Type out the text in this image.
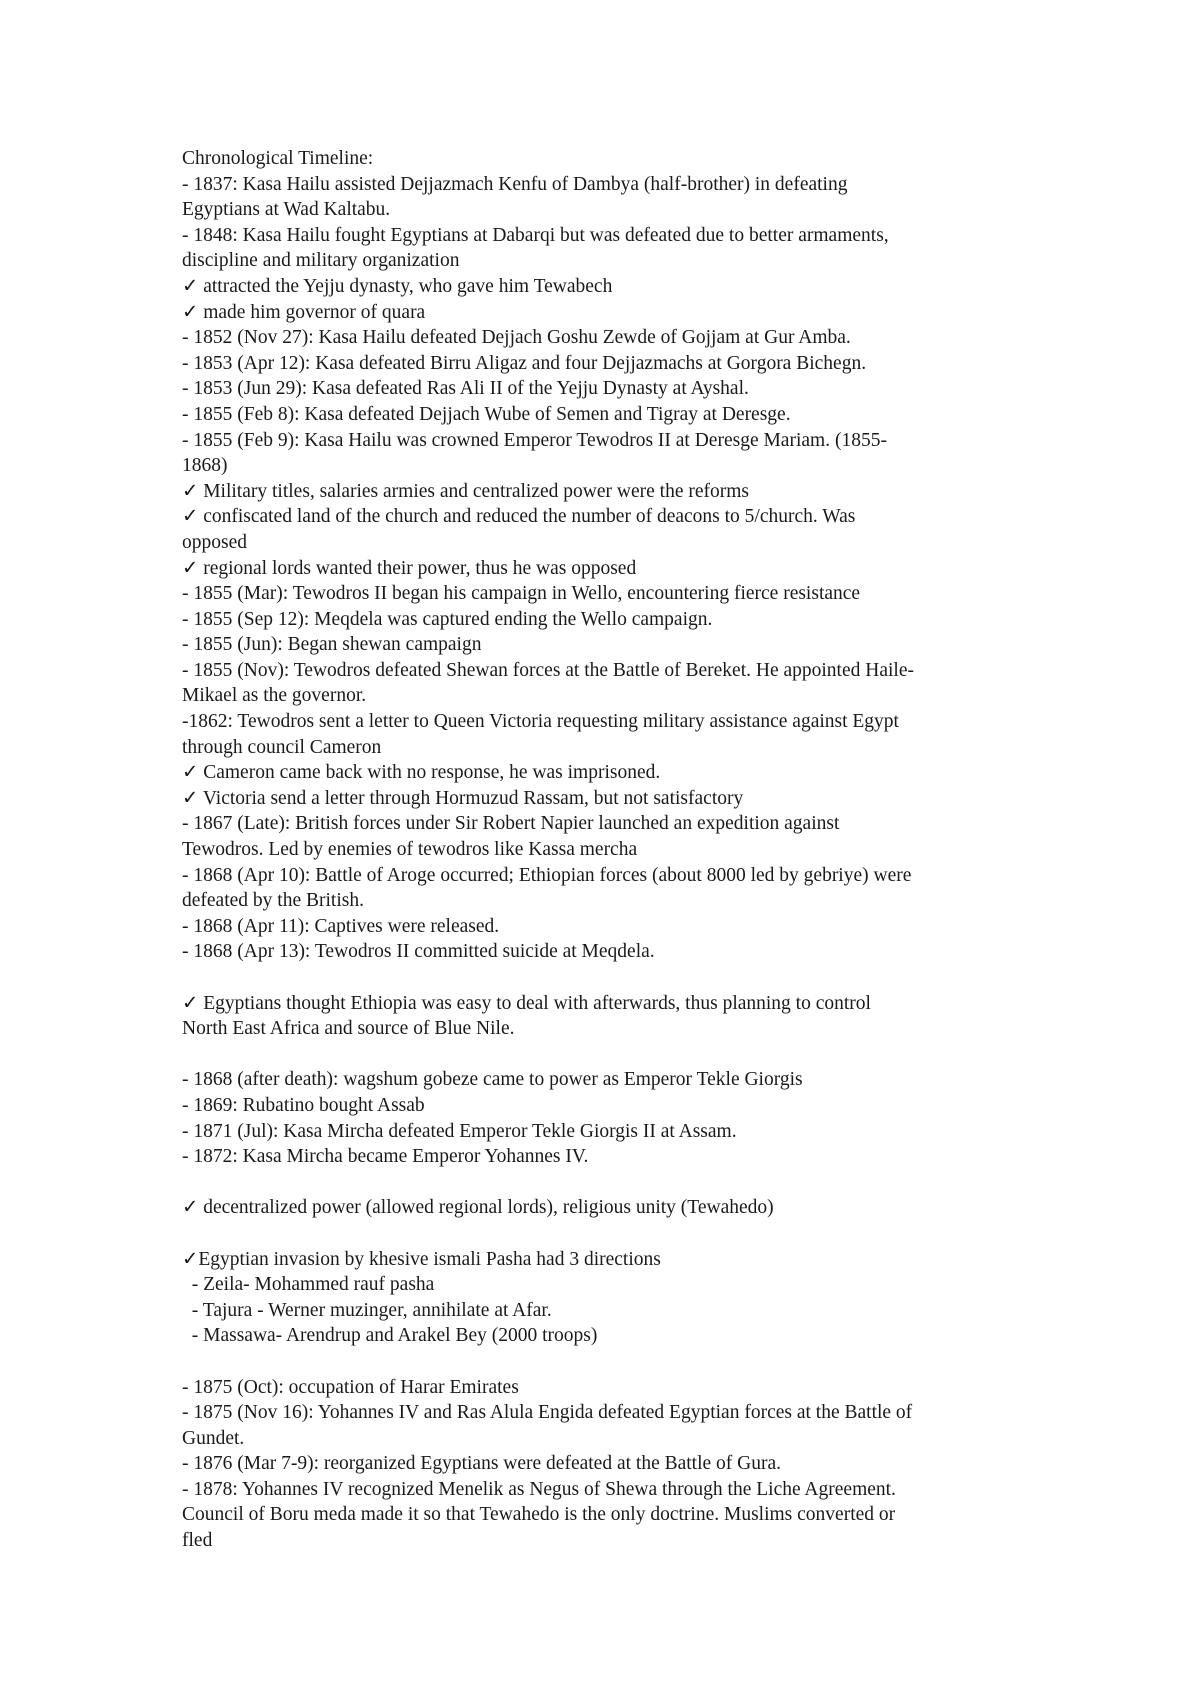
Chronological Timeline:
- 1837: Kasa Hailu assisted Dejjazmach Kenfu of Dambya (half-brother) in defeating
Egyptians at Wad Kaltabu.
- 1848: Kasa Hailu fought Egyptians at Dabarqi but was defeated due to better armaments,
discipline and military organization
✓ attracted the Yejju dynasty, who gave him Tewabech
✓ made him governor of quara
- 1852 (Nov 27): Kasa Hailu defeated Dejjach Goshu Zewde of Gojjam at Gur Amba.
- 1853 (Apr 12): Kasa defeated Birru Aligaz and four Dejjazmachs at Gorgora Bichegn.
- 1853 (Jun 29): Kasa defeated Ras Ali II of the Yejju Dynasty at Ayshal.
- 1855 (Feb 8): Kasa defeated Dejjach Wube of Semen and Tigray at Deresge.
- 1855 (Feb 9): Kasa Hailu was crowned Emperor Tewodros II at Deresge Mariam. (1855-
1868)
✓ Military titles, salaries armies and centralized power were the reforms
✓ confiscated land of the church and reduced the number of deacons to 5/church. Was
opposed
✓ regional lords wanted their power, thus he was opposed
- 1855 (Mar): Tewodros II began his campaign in Wello, encountering fierce resistance
- 1855 (Sep 12): Meqdela was captured ending the Wello campaign.
- 1855 (Jun): Began shewan campaign
- 1855 (Nov): Tewodros defeated Shewan forces at the Battle of Bereket. He appointed Haile-
Mikael as the governor.
-1862: Tewodros sent a letter to Queen Victoria requesting military assistance against Egypt
through council Cameron
✓ Cameron came back with no response, he was imprisoned.
✓ Victoria send a letter through Hormuzud Rassam, but not satisfactory
- 1867 (Late): British forces under Sir Robert Napier launched an expedition against
Tewodros. Led by enemies of tewodros like Kassa mercha
- 1868 (Apr 10): Battle of Aroge occurred; Ethiopian forces (about 8000 led by gebriye) were
defeated by the British.
- 1868 (Apr 11): Captives were released.
- 1868 (Apr 13): Tewodros II committed suicide at Meqdela.
✓ Egyptians thought Ethiopia was easy to deal with afterwards, thus planning to control
North East Africa and source of Blue Nile.
- 1868 (after death): wagshum gobeze came to power as Emperor Tekle Giorgis
- 1869: Rubatino bought Assab
- 1871 (Jul): Kasa Mircha defeated Emperor Tekle Giorgis II at Assam.
- 1872: Kasa Mircha became Emperor Yohannes IV.
✓ decentralized power (allowed regional lords), religious unity (Tewahedo)
✓Egyptian invasion by khesive ismali Pasha had 3 directions
- Zeila- Mohammed rauf pasha
- Tajura - Werner muzinger, annihilate at Afar.
- Massawa- Arendrup and Arakel Bey (2000 troops)
- 1875 (Oct): occupation of Harar Emirates
- 1875 (Nov 16): Yohannes IV and Ras Alula Engida defeated Egyptian forces at the Battle of
Gundet.
- 1876 (Mar 7-9): reorganized Egyptians were defeated at the Battle of Gura.
- 1878: Yohannes IV recognized Menelik as Negus of Shewa through the Liche Agreement.
Council of Boru meda made it so that Tewahedo is the only doctrine. Muslims converted or
fled
